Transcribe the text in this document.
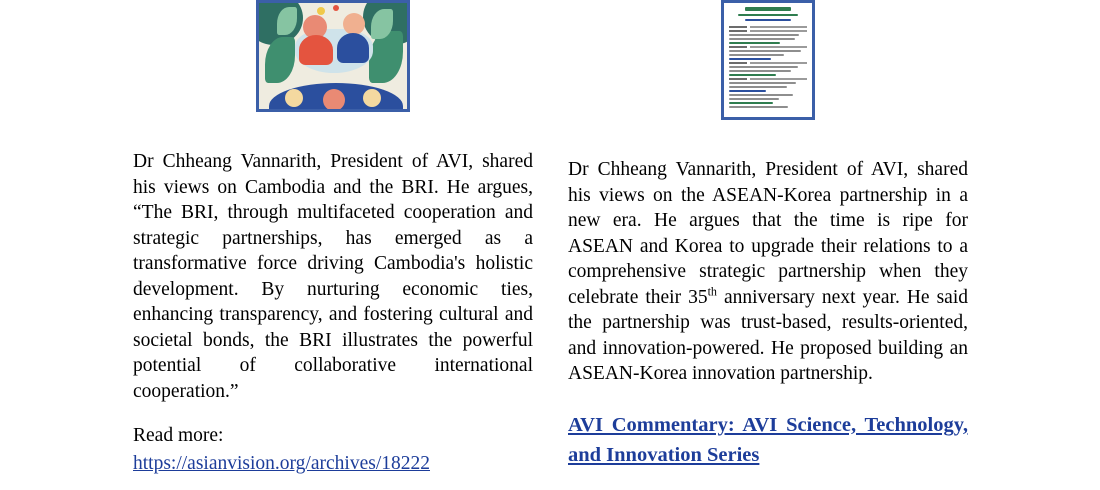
Dr Chheang Vannarith, President of AVI, shared his views on Cambodia and the BRI. He argues, “The BRI, through multifaceted cooperation and strategic partnerships, has emerged as a transformative force driving Cambodia's holistic development. By nurturing economic ties, enhancing transparency, and fostering cultural and societal bonds, the BRI illustrates the powerful potential of collaborative international cooperation.”

Read more:

https://asianvision.org/archives/18222

Dr Chheang Vannarith, President of AVI, shared his views on the ASEAN-Korea partnership in a new era. He argues that the time is ripe for ASEAN and Korea to upgrade their relations to a comprehensive strategic partnership when they celebrate their 35th anniversary next year. He said the partnership was trust-based, results-oriented, and innovation-powered. He proposed building an ASEAN-Korea innovation partnership.

AVI Commentary: AVI Science, Technology, and Innovation Series
